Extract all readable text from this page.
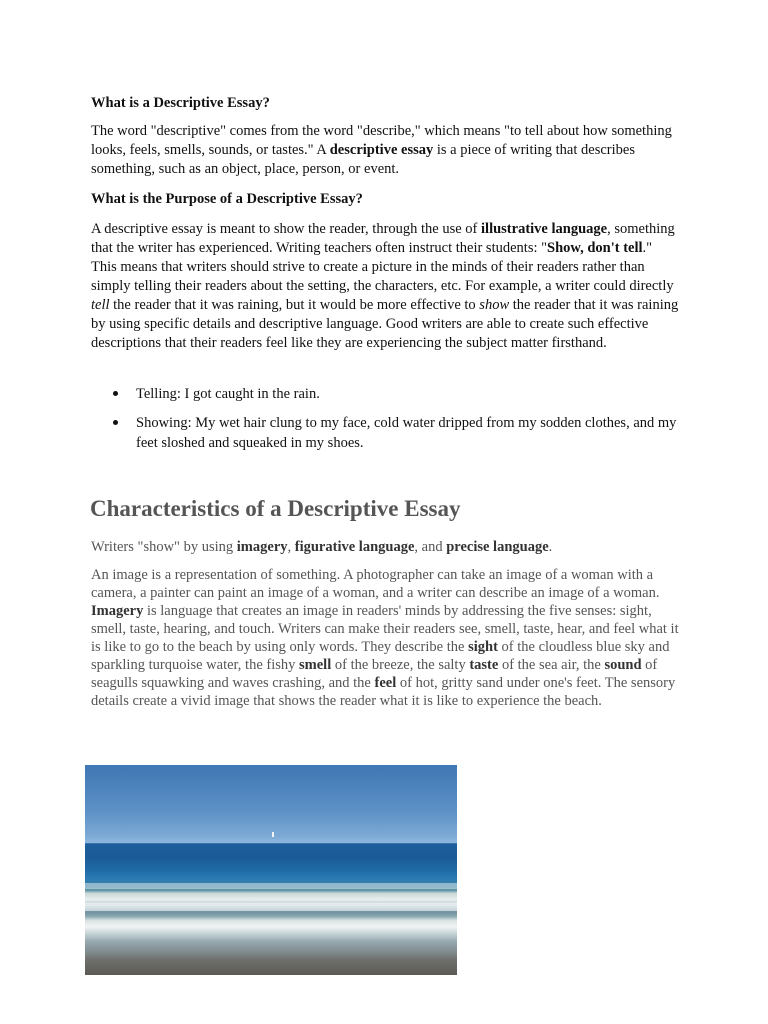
What is a Descriptive Essay?

The word "descriptive" comes from the word "describe," which means "to tell about how something looks, feels, smells, sounds, or tastes." A descriptive essay is a piece of writing that describes something, such as an object, place, person, or event.

What is the Purpose of a Descriptive Essay?

A descriptive essay is meant to show the reader, through the use of illustrative language, something that the writer has experienced. Writing teachers often instruct their students: "Show, don't tell." This means that writers should strive to create a picture in the minds of their readers rather than simply telling their readers about the setting, the characters, etc. For example, a writer could directly tell the reader that it was raining, but it would be more effective to show the reader that it was raining by using specific details and descriptive language. Good writers are able to create such effective descriptions that their readers feel like they are experiencing the subject matter firsthand.

Telling: I got caught in the rain.
Showing: My wet hair clung to my face, cold water dripped from my sodden clothes, and my feet sloshed and squeaked in my shoes.
Characteristics of a Descriptive Essay

Writers "show" by using imagery, figurative language, and precise language.

An image is a representation of something. A photographer can take an image of a woman with a camera, a painter can paint an image of a woman, and a writer can describe an image of a woman. Imagery is language that creates an image in readers' minds by addressing the five senses: sight, smell, taste, hearing, and touch. Writers can make their readers see, smell, taste, hear, and feel what it is like to go to the beach by using only words. They describe the sight of the cloudless blue sky and sparkling turquoise water, the fishy smell of the breeze, the salty taste of the sea air, the sound of seagulls squawking and waves crashing, and the feel of hot, gritty sand under one's feet. The sensory details create a vivid image that shows the reader what it is like to experience the beach.
